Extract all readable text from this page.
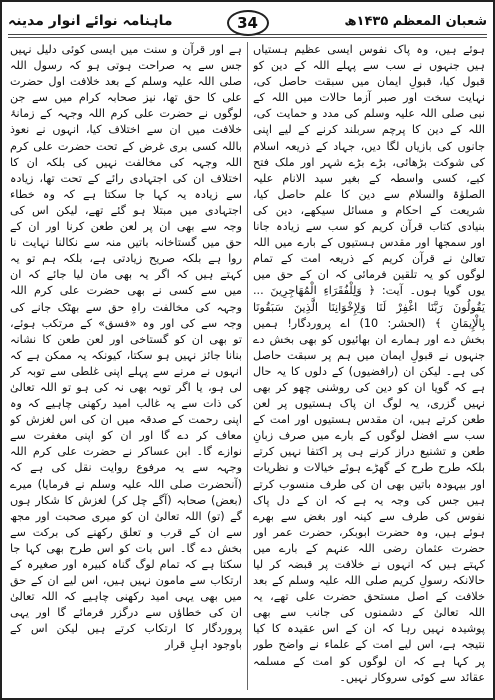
ماہنامہ نوائے انوار مدینہ	34	شعبان المعظم ۱۴۳۵ھ

ہے اور قرآن و سنت میں ایسی کوئی دلیل نہیں جس سے یہ صراحت ہوتی ہو کہ رسول اللہ صلی اللہ علیہ وسلم کے بعد خلافت اول حضرت علی کا حق تھا، نیز صحابہ کرام میں سے جن لوگوں نے حضرت علی کرم اللہ وجہہ کے زمانۂ خلافت میں ان سے اختلاف کیا، انہوں نے نعوذ باللہ کسی بری غرض کے تحت حضرت علی کرم اللہ وجہہ کی مخالفت نہیں کی بلکہ ان کا اختلاف ان کی اجتہادی رائے کے تحت تھا، زیادہ سے زیادہ یہ کہا جا سکتا ہے کہ وہ خطاء اجتہادی میں مبتلا ہو گئے تھے، لیکن اس کی وجہ سے بھی ان پر لعن طعن کرنا اور ان کے حق میں گستاخانہ باتیں منہ سے نکالنا نہایت نا روا ہے بلکہ صریح زیادتی ہے، بلکہ ہم تو یہ کہتے ہیں کہ اگر یہ بھی مان لیا جائے کہ ان میں سے کسی نے بھی حضرت علی کرم اللہ وجہہ کی مخالفت راہِ حق سے بھٹک جانے کی وجہ سے کی اور وہ «فسق» کے مرتکب ہوئے، تو بھی ان کو گستاخی اور لعن طعن کا نشانہ بنانا جائز نہیں ہو سکتا، کیونکہ یہ ممکن ہے کہ انہوں نے مرنے سے پہلے اپنی غلطی سے توبہ کر لی ہو، یا اگر توبہ بھی نہ کی ہو تو اللہ تعالیٰ کی ذات سے یہ غالب امید رکھنی چاہیے کہ وہ اپنی رحمت کے صدقہ میں ان کی اس لغزش کو معاف کر دے گا اور ان کو اپنی مغفرت سے نوازے گا۔ ابن عساکر نے حضرت علی کرم اللہ وجہہ سے یہ مرفوع روایت نقل کی ہے کہ (آنحضرت صلی اللہ علیہ وسلم نے فرمایا) میرے (بعض) صحابہ (آگے چل کر) لغزش کا شکار ہوں گے (تو) اللہ تعالیٰ ان کو میری صحبت اور مجھ سے ان کے قرب و تعلق رکھنے کی برکت سے بخش دے گا۔ اس بات کو اس طرح بھی کہا جا سکتا ہے کہ تمام لوگ گناہ کبیرہ اور صغیرہ کے ارتکاب سے مامون نہیں ہیں، اس لیے ان کے حق میں بھی یہی امید رکھنی چاہیے کہ اللہ تعالیٰ ان کی خطاؤں سے درگزر فرمائے گا اور یہی پروردگار کا ارتکاب کرتے ہیں لیکن اس کے باوجود اہلِ قرار

ہوئے ہیں، وہ پاک نفوس ایسی عظیم ہستیاں ہیں جنہوں نے سب سے پہلے اللہ کے دین کو قبول کیا، قبولِ ایمان میں سبقت حاصل کی، نہایت سخت اور صبر آزما حالات میں اللہ کے نبی صلی اللہ علیہ وسلم کی مدد و حمایت کی، اللہ کے دین کا پرچم سربلند کرنے کے لیے اپنی جانوں کی بازیاں لگا دیں، جہاد کے ذریعہ اسلام کی شوکت بڑھائی، بڑے بڑے شہر اور ملک فتح کیے، کسی واسطہ کے بغیر سید الانام علیہ الصلوٰۃ والسلام سے دین کا علم حاصل کیا، شریعت کے احکام و مسائل سیکھے، دین کی بنیادی کتاب قرآن کریم کو سب سے زیادہ جانا اور سمجھا اور مقدس ہستیوں کے بارے میں اللہ تعالیٰ نے قرآن کریم کے ذریعہ امت کے تمام لوگوں کو یہ تلقین فرمائی کہ ان کے حق میں یوں گویا ہوں۔ آیت: ﴿ وَلِلْفُقَرَاءِ الْمُهَاجِرِينَ ... يَقُولُونَ رَبَّنَا اغْفِرْ لَنَا وَلِإِخْوَانِنَا الَّذِينَ سَبَقُونَا بِالْإِيمَانِ ﴾ (الحشر: 10) اے پروردگار! ہمیں بخش دے اور ہمارے ان بھائیوں کو بھی بخش دے جنہوں نے قبولِ ایمان میں ہم پر سبقت حاصل کی ہے۔ لیکن ان (رافضیوں) کے دلوں کا یہ حال ہے کہ گویا ان کو دین کی روشنی چھو کر بھی نہیں گزری، یہ لوگ ان پاک ہستیوں پر لعن طعن کرتے ہیں، ان مقدس ہستیوں اور امت کے سب سے افضل لوگوں کے بارے میں صرف زبانِ طعن و تشنیع دراز کرنے ہی پر اکتفا نہیں کرتے بلکہ طرح طرح کے گھڑے ہوئے خیالات و نظریات اور بیہودہ باتیں بھی ان کی طرف منسوب کرتے ہیں جس کی وجہ یہ ہے کہ ان کے دل پاک نفوس کی طرف سے کینہ اور بغض سے بھرے ہوئے ہیں، وہ حضرت ابوبکر، حضرت عمر اور حضرت عثمان رضی اللہ عنہم کے بارے میں کہتے ہیں کہ انہوں نے خلافت پر قبضہ کر لیا حالانکہ رسولِ کریم صلی اللہ علیہ وسلم کے بعد خلافت کے اصل مستحق حضرت علی تھے، یہ اللہ تعالیٰ کے دشمنوں کی جانب سے بھی پوشیدہ نہیں رہا کہ ان کے اس عقیدہ کا کیا نتیجہ ہے، اس لیے امت کے علماء نے واضح طور پر کہا ہے کہ ان لوگوں کو امت کے مسلمہ عقائد سے کوئی سروکار نہیں۔
